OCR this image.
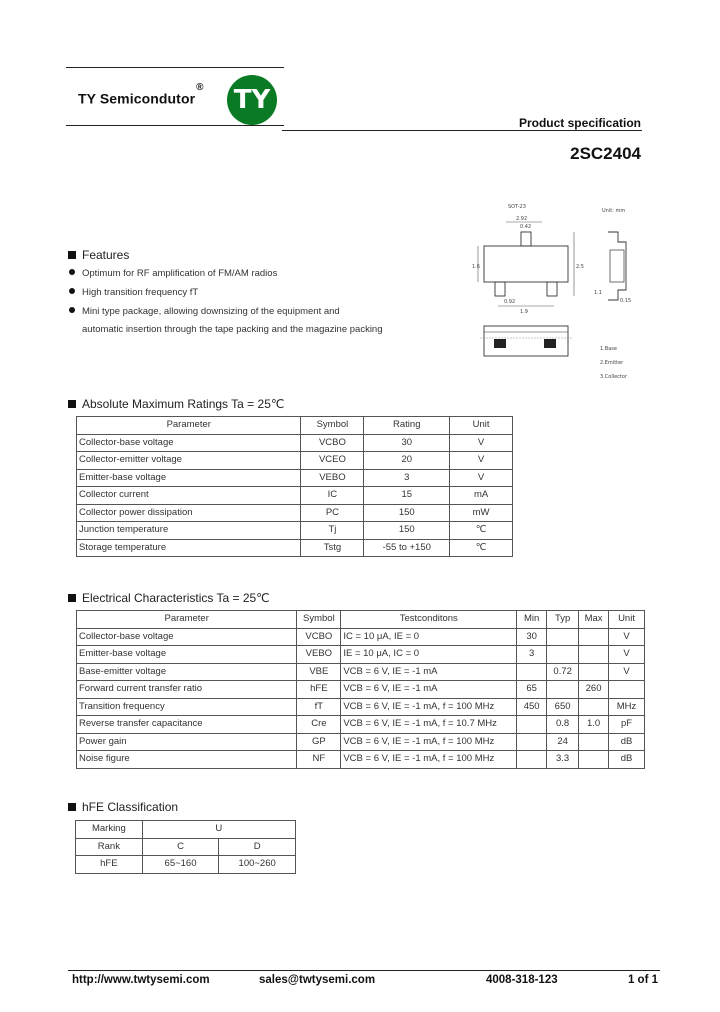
TY Semicondutor® TY
Product specification
2SC2404
SOT-23
2.92
0.42
1.6	2.5
0.92
1.9
Unit: mm
0.15
1.1
1.Base
2.Emitter
3.Collector
Features
Optimum for RF amplification of FM/AM radios
High transition frequency fT
Mini type package, allowing downsizing of the equipment and
automatic insertion through the tape packing and the magazine packing
Absolute Maximum Ratings Ta = 25℃
Parameter	Symbol	Rating	Unit
Collector-base voltage	VCBO	30	V
Collector-emitter voltage	VCEO	20	V
Emitter-base voltage	VEBO	3	V
Collector current	IC	15	mA
Collector power dissipation	PC	150	mW
Junction temperature	Tj	150	℃
Storage temperature	Tstg	-55 to +150	℃
Electrical Characteristics Ta = 25℃
Parameter	Symbol	Testconditons	Min	Typ	Max	Unit
Collector-base voltage	VCBO	IC = 10 μA, IE = 0	30			V
Emitter-base voltage	VEBO	IE = 10 μA, IC = 0	3			V
Base-emitter voltage	VBE	VCB = 6 V, IE = -1 mA		0.72		V
Forward current transfer ratio	hFE	VCB = 6 V, IE = -1 mA	65		260	
Transition frequency	fT	VCB = 6 V, IE = -1 mA, f = 100 MHz	450	650		MHz
Reverse transfer capacitance	Cre	VCB = 6 V, IE = -1 mA, f = 10.7 MHz		0.8	1.0	pF
Power gain	GP	VCB = 6 V, IE = -1 mA, f = 100 MHz		24		dB
Noise figure	NF	VCB = 6 V, IE = -1 mA, f = 100 MHz		3.3		dB
hFE Classification
Marking	U	
Rank	C	D
hFE	65~160	100~260
http://www.twtysemi.com	sales@twtysemi.com	4008-318-123	1 of 1
